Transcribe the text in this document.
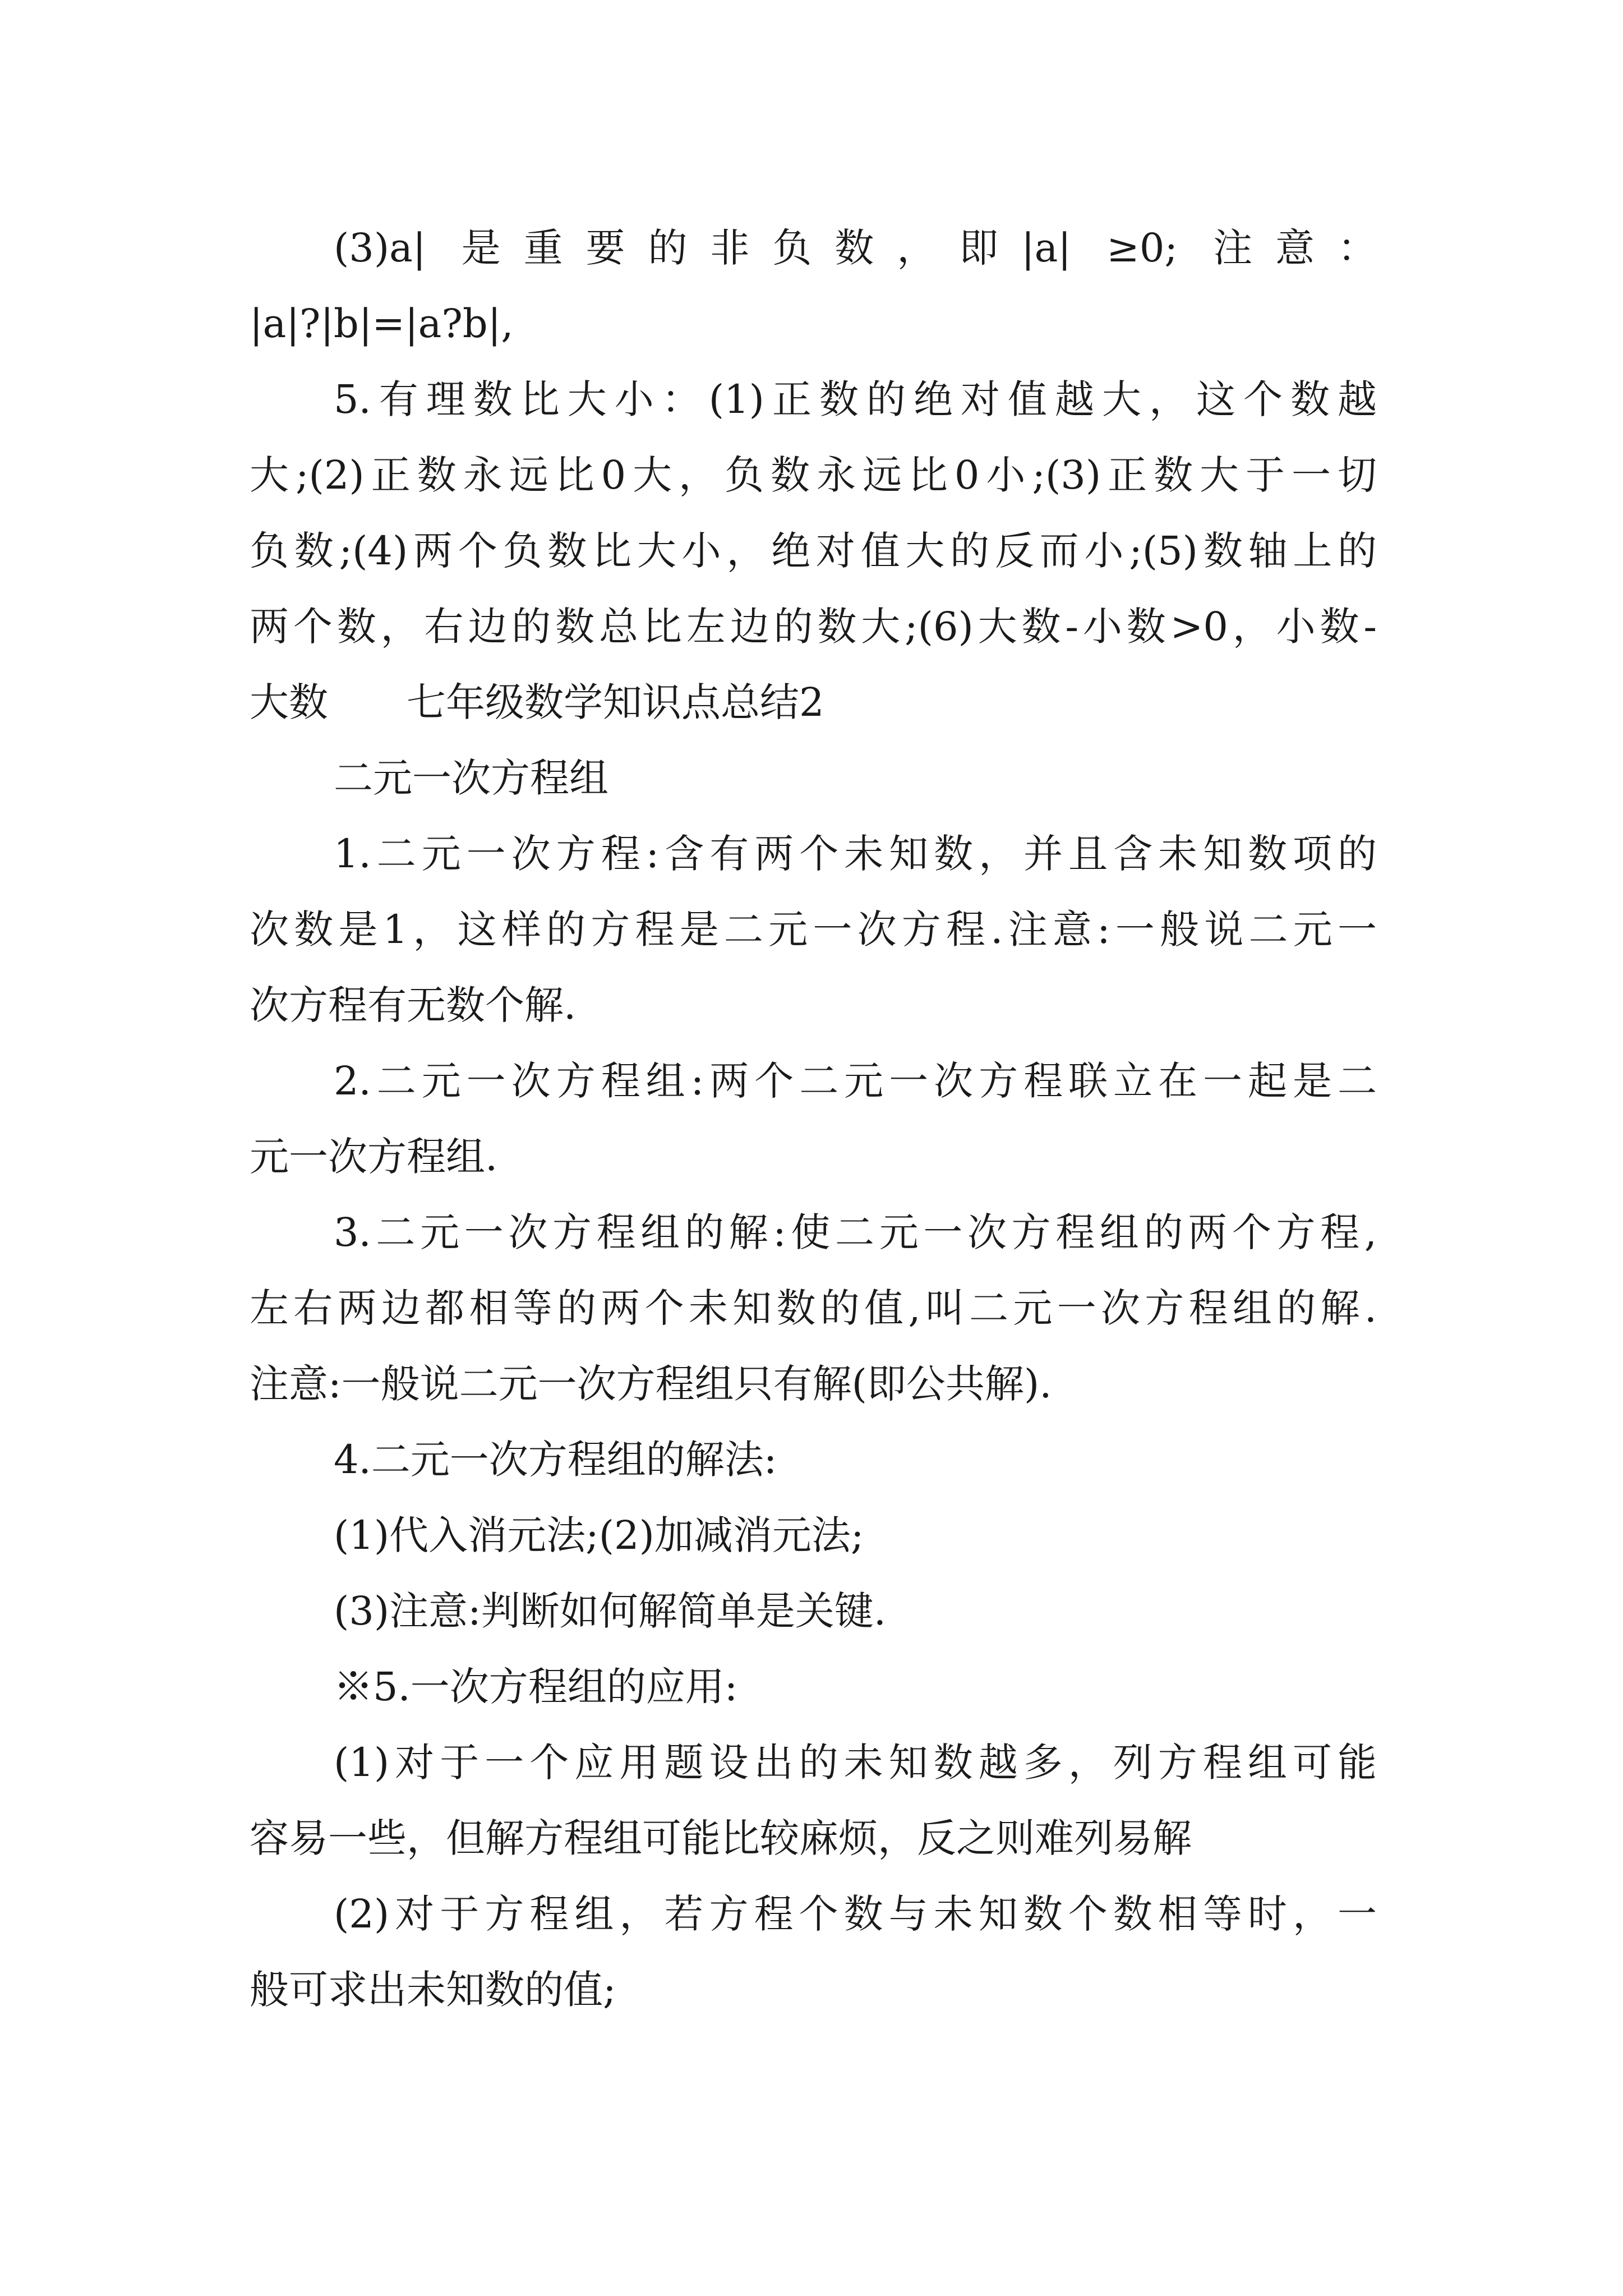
(3)a| 是重要的非负数，即|a| ≥0; 注意：
|a|?|b|=|a?b|,
5.有理数比大小：(1)正数的绝对值越大，这个数越
大;(2)正数永远比0大，负数永远比0小;(3)正数大于一切
负数;(4)两个负数比大小，绝对值大的反而小;(5)数轴上的
两个数，右边的数总比左边的数大;(6)大数-小数>0，小数-
大数　　七年级数学知识点总结2
二元一次方程组
1.二元一次方程:含有两个未知数，并且含未知数项的
次数是1，这样的方程是二元一次方程.注意:一般说二元一
次方程有无数个解.
2.二元一次方程组:两个二元一次方程联立在一起是二
元一次方程组.
3.二元一次方程组的解:使二元一次方程组的两个方程,
左右两边都相等的两个未知数的值,叫二元一次方程组的解.
注意:一般说二元一次方程组只有解(即公共解).
4.二元一次方程组的解法:
(1)代入消元法;(2)加减消元法;
(3)注意:判断如何解简单是关键.
※5.一次方程组的应用:
(1)对于一个应用题设出的未知数越多，列方程组可能
容易一些，但解方程组可能比较麻烦，反之则难列易解
(2)对于方程组，若方程个数与未知数个数相等时，一
般可求出未知数的值;
